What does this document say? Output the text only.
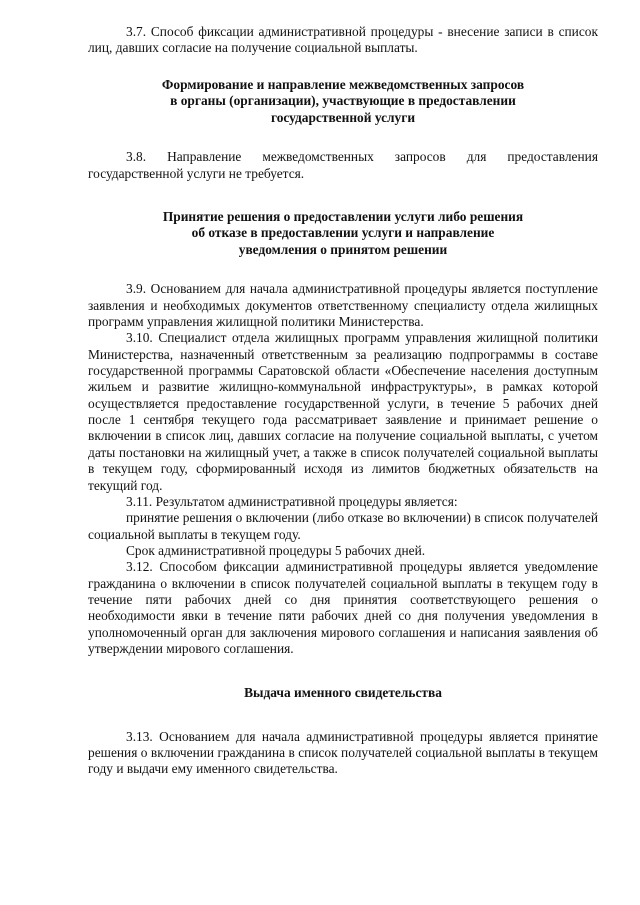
3.7. Способ фиксации административной процедуры - внесение записи в список лиц, давших согласие на получение социальной выплаты.

Формирование и направление межведомственных запросов
в органы (организации), участвующие в предоставлении
государственной услуги

3.8. Направление межведомственных запросов для предоставления государственной услуги не требуется.

Принятие решения о предоставлении услуги либо решения
об отказе в предоставлении услуги и направление
уведомления о принятом решении

3.9. Основанием для начала административной процедуры является поступление заявления и необходимых документов ответственному специалисту отдела жилищных программ управления жилищной политики Министерства.

3.10. Специалист отдела жилищных программ управления жилищной политики Министерства, назначенный ответственным за реализацию подпрограммы в составе государственной программы Саратовской области «Обеспечение населения доступным жильем и развитие жилищно-коммунальной инфраструктуры», в рамках которой осуществляется предоставление государственной услуги, в течение 5 рабочих дней после 1 сентября текущего года рассматривает заявление и принимает решение о включении в список лиц, давших согласие на получение социальной выплаты, с учетом даты постановки на жилищный учет, а также в список получателей социальной выплаты в текущем году, сформированный исходя из лимитов бюджетных обязательств на текущий год.

3.11. Результатом административной процедуры является:

принятие решения о включении (либо отказе во включении) в список получателей социальной выплаты в текущем году.

Срок административной процедуры 5 рабочих дней.

3.12. Способом фиксации административной процедуры является уведомление гражданина о включении в список получателей социальной выплаты в текущем году в течение пяти рабочих дней со дня принятия соответствующего решения о необходимости явки в течение пяти рабочих дней со дня получения уведомления в уполномоченный орган для заключения мирового соглашения и написания заявления об утверждении мирового соглашения.

Выдача именного свидетельства

3.13. Основанием для начала административной процедуры является принятие решения о включении гражданина в список получателей социальной выплаты в текущем году и выдачи ему именного свидетельства.
